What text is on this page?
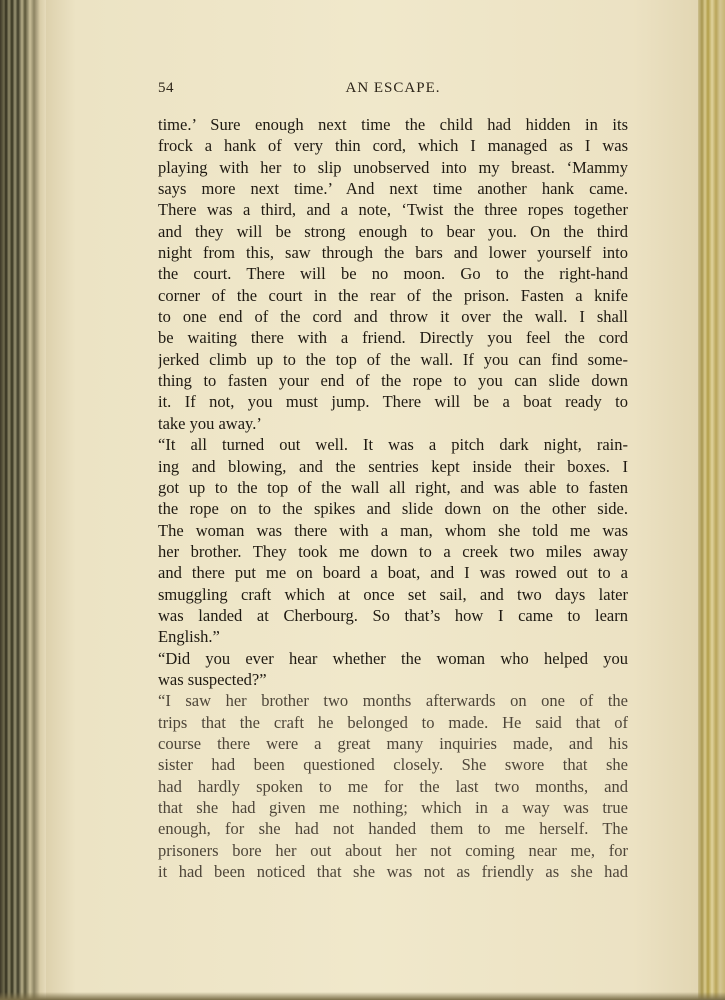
54	AN ESCAPE.
time.’ Sure enough next time the child had hidden in its
frock a hank of very thin cord, which I managed as I was
playing with her to slip unobserved into my breast. ‘Mammy
says more next time.’ And next time another hank came.
There was a third, and a note, ‘Twist the three ropes together
and they will be strong enough to bear you. On the third
night from this, saw through the bars and lower yourself into
the court. There will be no moon. Go to the right-hand
corner of the court in the rear of the prison. Fasten a knife
to one end of the cord and throw it over the wall. I shall
be waiting there with a friend. Directly you feel the cord
jerked climb up to the top of the wall. If you can find some-
thing to fasten your end of the rope to you can slide down
it. If not, you must jump. There will be a boat ready to
take you away.’
“It all turned out well. It was a pitch dark night, rain-
ing and blowing, and the sentries kept inside their boxes. I
got up to the top of the wall all right, and was able to fasten
the rope on to the spikes and slide down on the other side.
The woman was there with a man, whom she told me was
her brother. They took me down to a creek two miles away
and there put me on board a boat, and I was rowed out to a
smuggling craft which at once set sail, and two days later
was landed at Cherbourg. So that’s how I came to learn
English.”
“Did you ever hear whether the woman who helped you
was suspected?”
“I saw her brother two months afterwards on one of the
trips that the craft he belonged to made. He said that of
course there were a great many inquiries made, and his
sister had been questioned closely. She swore that she
had hardly spoken to me for the last two months, and
that she had given me nothing; which in a way was true
enough, for she had not handed them to me herself. The
prisoners bore her out about her not coming near me, for
it had been noticed that she was not as friendly as she had
